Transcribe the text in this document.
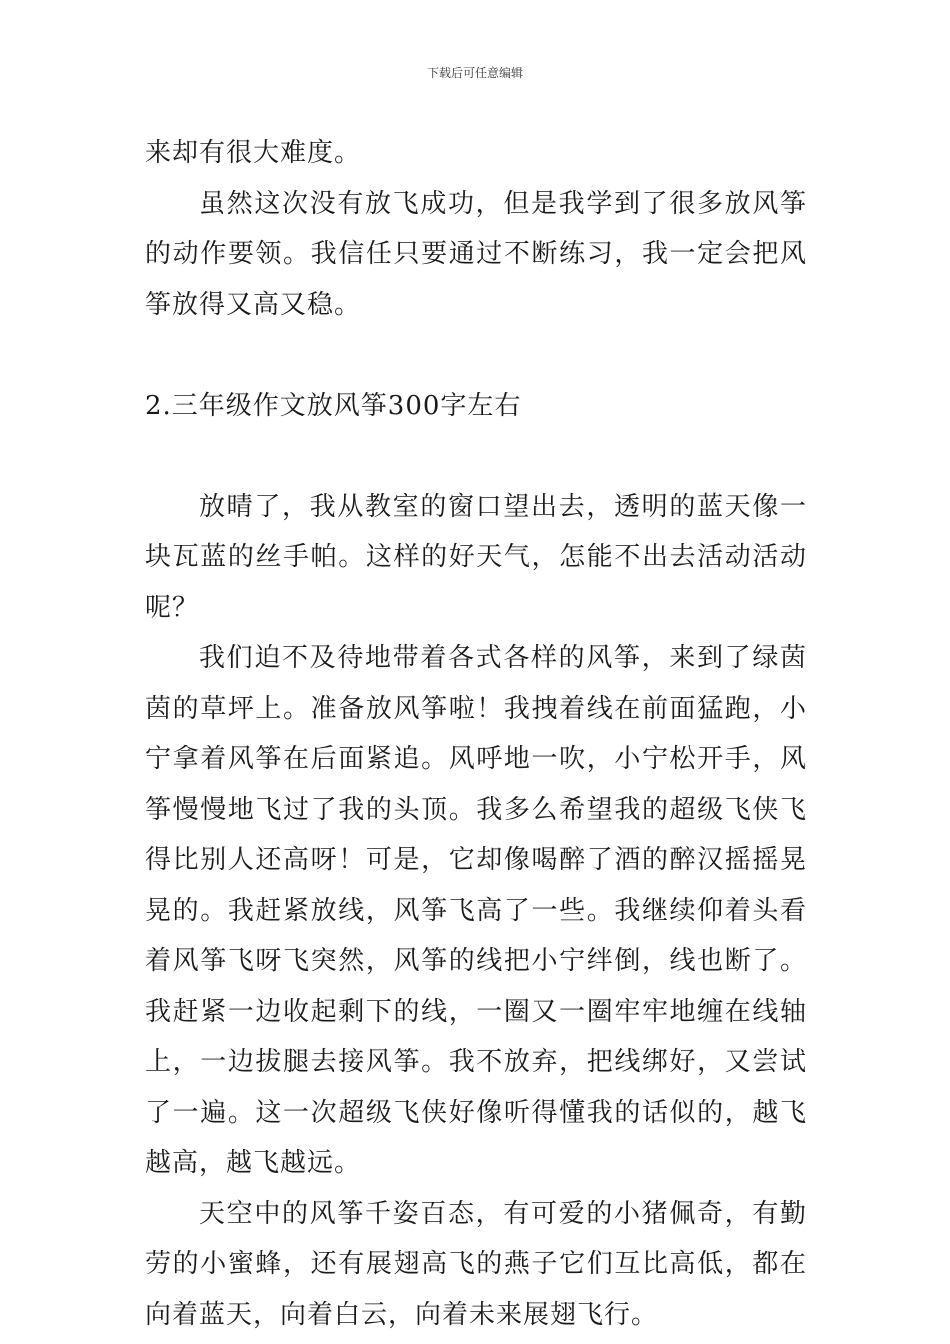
下载后可任意编辑

来却有很大难度。

虽然这次没有放飞成功，但是我学到了很多放风筝的动作要领。我信任只要通过不断练习，我一定会把风筝放得又高又稳。

2.三年级作文放风筝300字左右

放晴了，我从教室的窗口望出去，透明的蓝天像一块瓦蓝的丝手帕。这样的好天气，怎能不出去活动活动呢？

我们迫不及待地带着各式各样的风筝，来到了绿茵茵的草坪上。准备放风筝啦！我拽着线在前面猛跑，小宁拿着风筝在后面紧追。风呼地一吹，小宁松开手，风筝慢慢地飞过了我的头顶。我多么希望我的超级飞侠飞得比别人还高呀！可是，它却像喝醉了酒的醉汉摇摇晃晃的。我赶紧放线，风筝飞高了一些。我继续仰着头看着风筝飞呀飞突然，风筝的线把小宁绊倒，线也断了。我赶紧一边收起剩下的线，一圈又一圈牢牢地缠在线轴上，一边拔腿去接风筝。我不放弃，把线绑好，又尝试了一遍。这一次超级飞侠好像听得懂我的话似的，越飞越高，越飞越远。

天空中的风筝千姿百态，有可爱的小猪佩奇，有勤劳的小蜜蜂，还有展翅高飞的燕子它们互比高低，都在向着蓝天，向着白云，向着未来展翅飞行。
